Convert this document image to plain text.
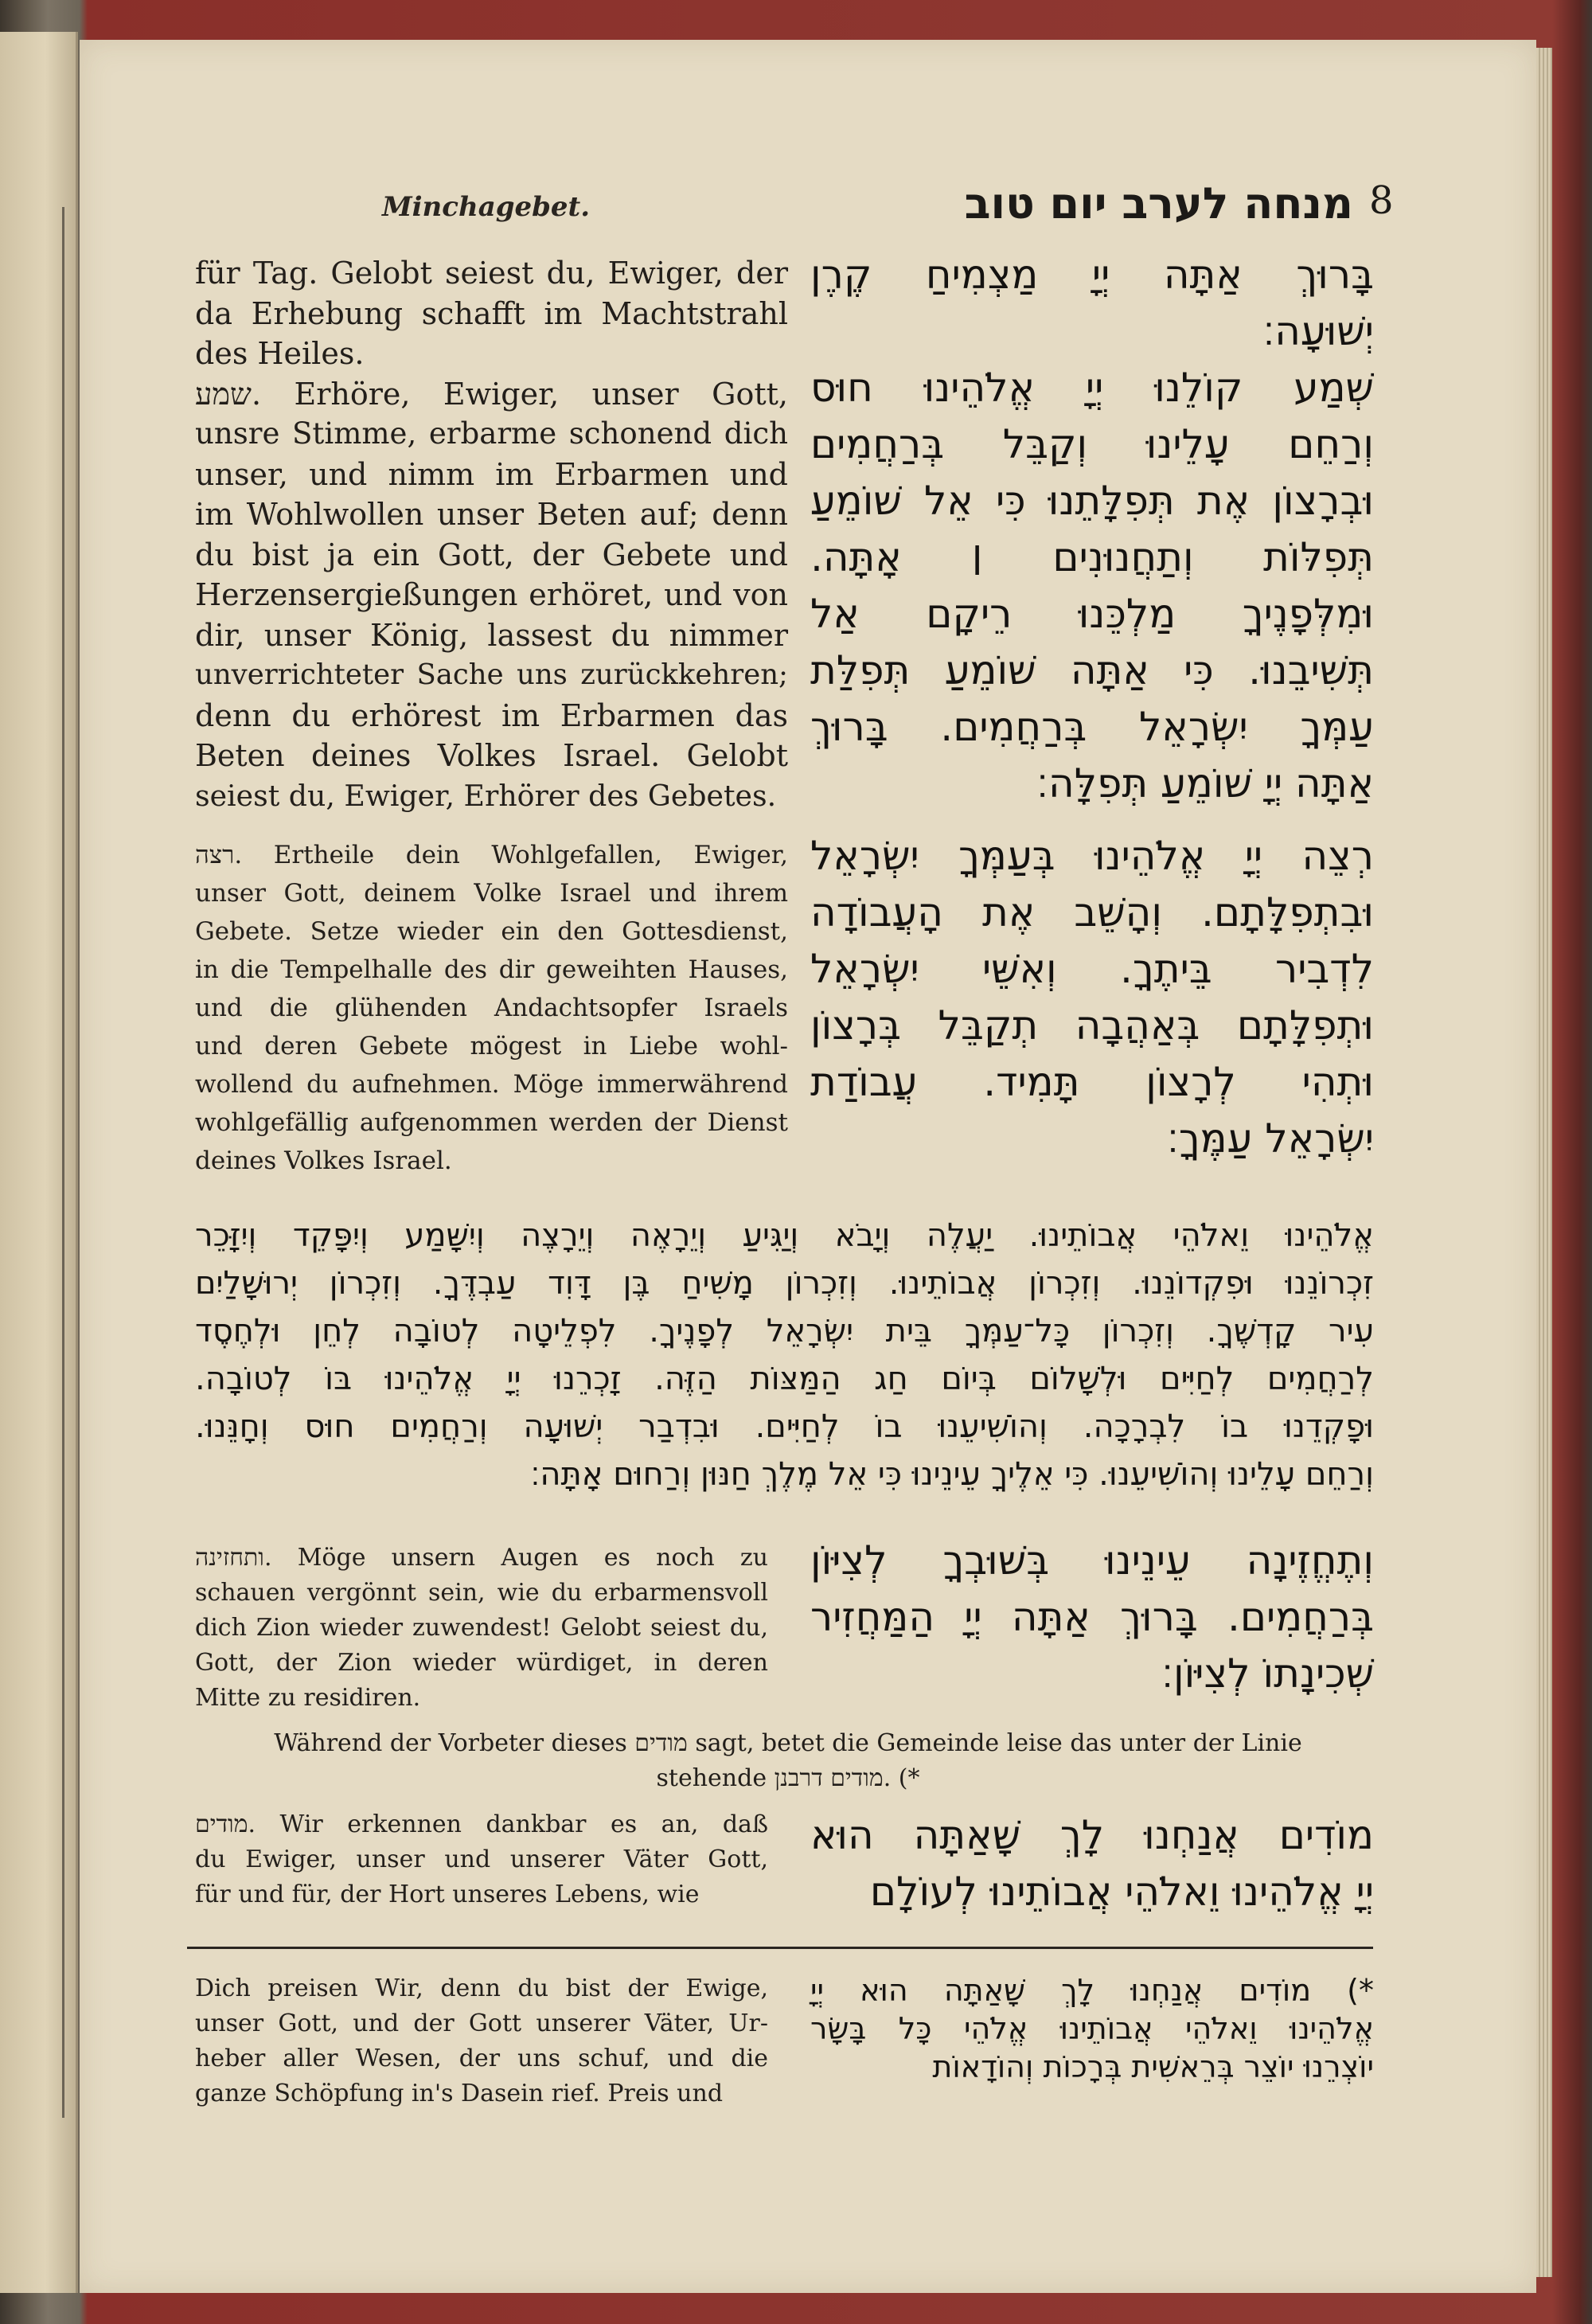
Minchagebet.	מנחה לערב יום טוב 8
für Tag. Gelobt seiest du, Ewiger, der
da Erhebung schafft im Machtstrahl
des Heiles.
שמע. Erhöre, Ewiger, unser Gott,
unsre Stimme, erbarme schonend dich
unser, und nimm im Erbarmen und
im Wohlwollen unser Beten auf; denn
du bist ja ein Gott, der Gebete und
Herzensergießungen erhöret, und von
dir, unser König, lassest du nimmer
unverrichteter Sache uns zurückkehren;
denn du erhörest im Erbarmen das
Beten deines Volkes Israel. Gelobt
seiest du, Ewiger, Erhörer des Gebetes.
בָּרוּךְ אַתָּה יְיָ מַצְמִיחַ קֶרֶן
יְשׁוּעָה׃
שְׁמַע קוֹלֵנוּ יְיָ אֱלֹהֵינוּ חוּס
וְרַחֵם עָלֵינוּ וְקַבֵּל בְּרַחֲמִים
וּבְרָצוֹן אֶת תְּפִלָּתֵנוּ כִּי אֵל שׁוֹמֵעַ
תְּפִלּוֹת וְתַחֲנוּנִים ׀ אָתָּה.
וּמִלְּפָנֶיךָ מַלְכֵּנוּ רֵיקָם אַל
תְּשִׁיבֵנוּ. כִּי אַתָּה שׁוֹמֵעַ תְּפִלַּת
עַמְּךָ יִשְׂרָאֵל בְּרַחֲמִים. בָּרוּךְ
אַתָּה יְיָ שׁוֹמֵעַ תְּפִלָּה׃
רצה. Ertheile dein Wohlgefallen, Ewiger,
unser Gott, deinem Volke Israel und ihrem
Gebete. Setze wieder ein den Gottesdienst,
in die Tempelhalle des dir geweihten Hauses,
und die glühenden Andachtsopfer Israels
und deren Gebete mögest in Liebe wohl-
wollend du aufnehmen. Möge immerwährend
wohlgefällig aufgenommen werden der Dienst
deines Volkes Israel.
רְצֵה יְיָ אֱלֹהֵינוּ בְּעַמְּךָ יִשְׂרָאֵל
וּבִתְפִלָּתָם. וְהָשֵׁב אֶת הָעֲבוֹדָה
לִדְבִיר בֵּיתֶךָ. וְאִשֵּׁי יִשְׂרָאֵל
וּתְפִלָּתָם בְּאַהֲבָה תְקַבֵּל בְּרָצוֹן
וּתְהִי לְרָצוֹן תָּמִיד. עֲבוֹדַת
יִשְׂרָאֵל עַמֶּךָ׃
אֱלֹהֵינוּ וֵאלֹהֵי אֲבוֹתֵינוּ. יַעֲלֶה וְיָבֹא וְיַגִּיעַ וְיֵרָאֶה וְיֵרָצֶה וְיִשָּׁמַע וְיִפָּקֵד וְיִזָּכֵר
זִכְרוֹנֵנוּ וּפִקְדוֹנֵנוּ. וְזִכְרוֹן אֲבוֹתֵינוּ. וְזִכְרוֹן מָשִׁיחַ בֶּן דָּוִד עַבְדֶּךָ. וְזִכְרוֹן יְרוּשָׁלַיִם
עִיר קָדְשֶׁךָ. וְזִכְרוֹן כָּל־עַמְּךָ בֵּית יִשְׂרָאֵל לְפָנֶיךָ. לִפְלֵיטָה לְטוֹבָה לְחֵן וּלְחֶסֶד
לְרַחֲמִים לְחַיִּים וּלְשָׁלוֹם בְּיוֹם חַג הַמַּצּוֹת הַזֶּה. זָכְרֵנוּ יְיָ אֱלֹהֵינוּ בּוֹ לְטוֹבָה.
וּפָקְדֵנוּ בוֹ לִבְרָכָה. וְהוֹשִׁיעֵנוּ בוֹ לְחַיִּים. וּבִדְבַר יְשׁוּעָה וְרַחֲמִים חוּס וְחָנֵּנוּ.
וְרַחֵם עָלֵינוּ וְהוֹשִׁיעֵנוּ. כִּי אֵלֶיךָ עֵינֵינוּ כִּי אֵל מֶלֶךְ חַנּוּן וְרַחוּם אָתָּה׃
ותחזינה. Möge unsern Augen es noch zu
schauen vergönnt sein, wie du erbarmensvoll
dich Zion wieder zuwendest! Gelobt seiest du,
Gott, der Zion wieder würdiget, in deren
Mitte zu residiren.
וְתֶחֱזֶינָה עֵינֵינוּ בְּשׁוּבְךָ לְצִיּוֹן
בְּרַחֲמִים. בָּרוּךְ אַתָּה יְיָ הַמַּחֲזִיר
שְׁכִינָתוֹ לְצִיּוֹן׃
Während der Vorbeter dieses מודים sagt, betet die Gemeinde leise das unter der Linie
stehende מודים דרבנן. (*
מודים. Wir erkennen dankbar es an, daß
du Ewiger, unser und unserer Väter Gott,
für und für, der Hort unseres Lebens, wie
מוֹדִים אֲנַחְנוּ לָךְ שָׁאַתָּה הוּא
יְיָ אֱלֹהֵינוּ וֵאלֹהֵי אֲבוֹתֵינוּ לְעוֹלָם
Dich preisen Wir, denn du bist der Ewige,
unser Gott, und der Gott unserer Väter, Ur-
heber aller Wesen, der uns schuf, und die
ganze Schöpfung in's Dasein rief. Preis und
*) מוֹדִים אֲנַחְנוּ לָךְ שָׁאַתָּה הוּא יְיָ
אֱלֹהֵינוּ וֵאלֹהֵי אֲבוֹתֵינוּ אֱלֹהֵי כָּל בָּשָׂר
יוֹצְרֵנוּ יוֹצֵר בְּרֵאשִׁית בְּרָכוֹת וְהוֹדָאוֹת
